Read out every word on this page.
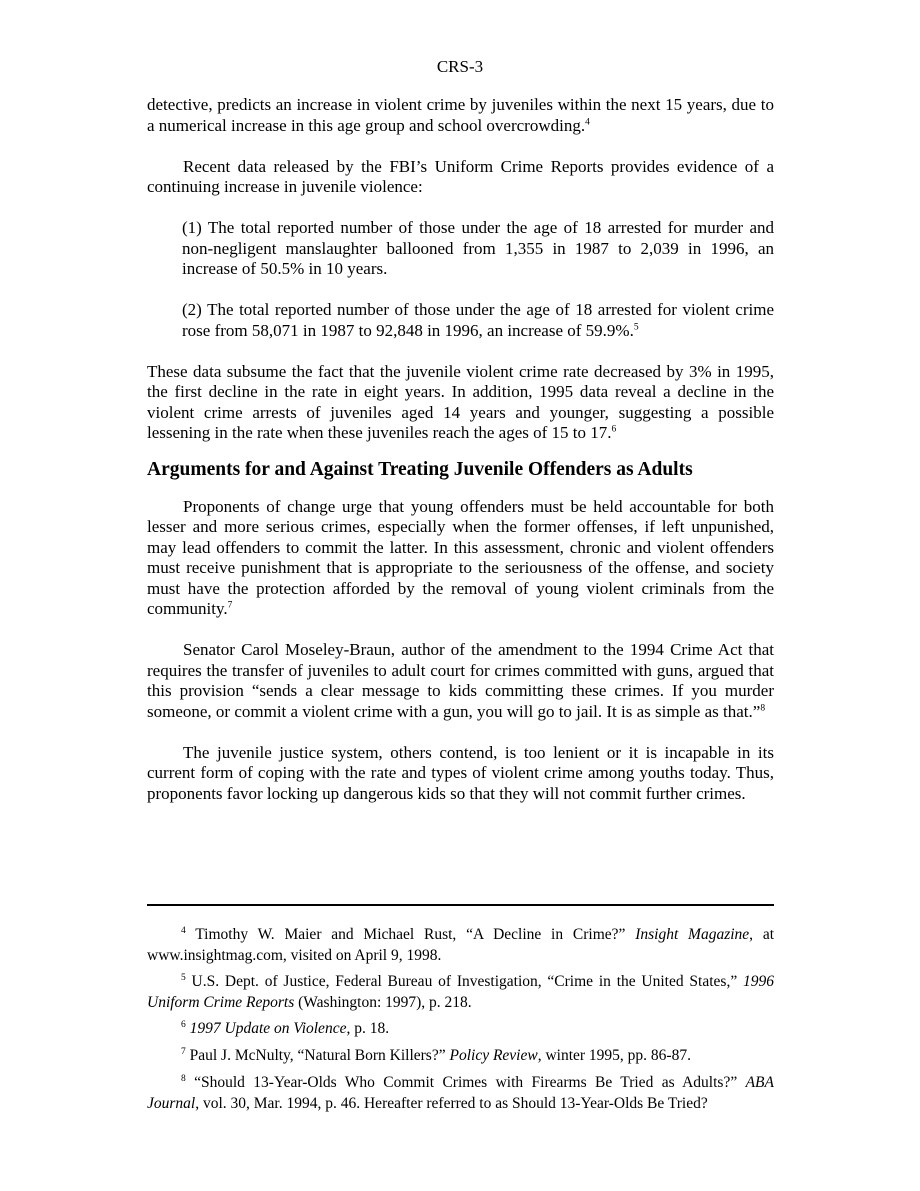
CRS-3

detective, predicts an increase in violent crime by juveniles within the next 15 years, due to a numerical increase in this age group and school overcrowding.$^4$

Recent data released by the FBI’s Uniform Crime Reports provides evidence of a continuing increase in juvenile violence:

(1) The total reported number of those under the age of 18 arrested for murder and non-negligent manslaughter ballooned from 1,355 in 1987 to 2,039 in 1996, an increase of 50.5% in 10 years.

(2) The total reported number of those under the age of 18 arrested for violent crime rose from 58,071 in 1987 to 92,848 in 1996, an increase of 59.9%.$^5$

These data subsume the fact that the juvenile violent crime rate decreased by 3% in 1995, the first decline in the rate in eight years. In addition, 1995 data reveal a decline in the violent crime arrests of juveniles aged 14 years and younger, suggesting a possible lessening in the rate when these juveniles reach the ages of 15 to 17.$^6$

Arguments for and Against Treating Juvenile Offenders as Adults

Proponents of change urge that young offenders must be held accountable for both lesser and more serious crimes, especially when the former offenses, if left unpunished, may lead offenders to commit the latter. In this assessment, chronic and violent offenders must receive punishment that is appropriate to the seriousness of the offense, and society must have the protection afforded by the removal of young violent criminals from the community.$^7$

Senator Carol Moseley-Braun, author of the amendment to the 1994 Crime Act that requires the transfer of juveniles to adult court for crimes committed with guns, argued that this provision “sends a clear message to kids committing these crimes. If you murder someone, or commit a violent crime with a gun, you will go to jail. It is as simple as that.”$^8$

The juvenile justice system, others contend, is too lenient or it is incapable in its current form of coping with the rate and types of violent crime among youths today. Thus, proponents favor locking up dangerous kids so that they will not commit further crimes.

$^4$ Timothy W. Maier and Michael Rust, “A Decline in Crime?” Insight Magazine, at www.insightmag.com, visited on April 9, 1998.

$^5$ U.S. Dept. of Justice, Federal Bureau of Investigation, “Crime in the United States,” 1996 Uniform Crime Reports (Washington: 1997), p. 218.

$^6$ 1997 Update on Violence, p. 18.

$^7$ Paul J. McNulty, “Natural Born Killers?” Policy Review, winter 1995, pp. 86-87.

$^8$ “Should 13-Year-Olds Who Commit Crimes with Firearms Be Tried as Adults?” ABA Journal, vol. 30, Mar. 1994, p. 46. Hereafter referred to as Should 13-Year-Olds Be Tried?
